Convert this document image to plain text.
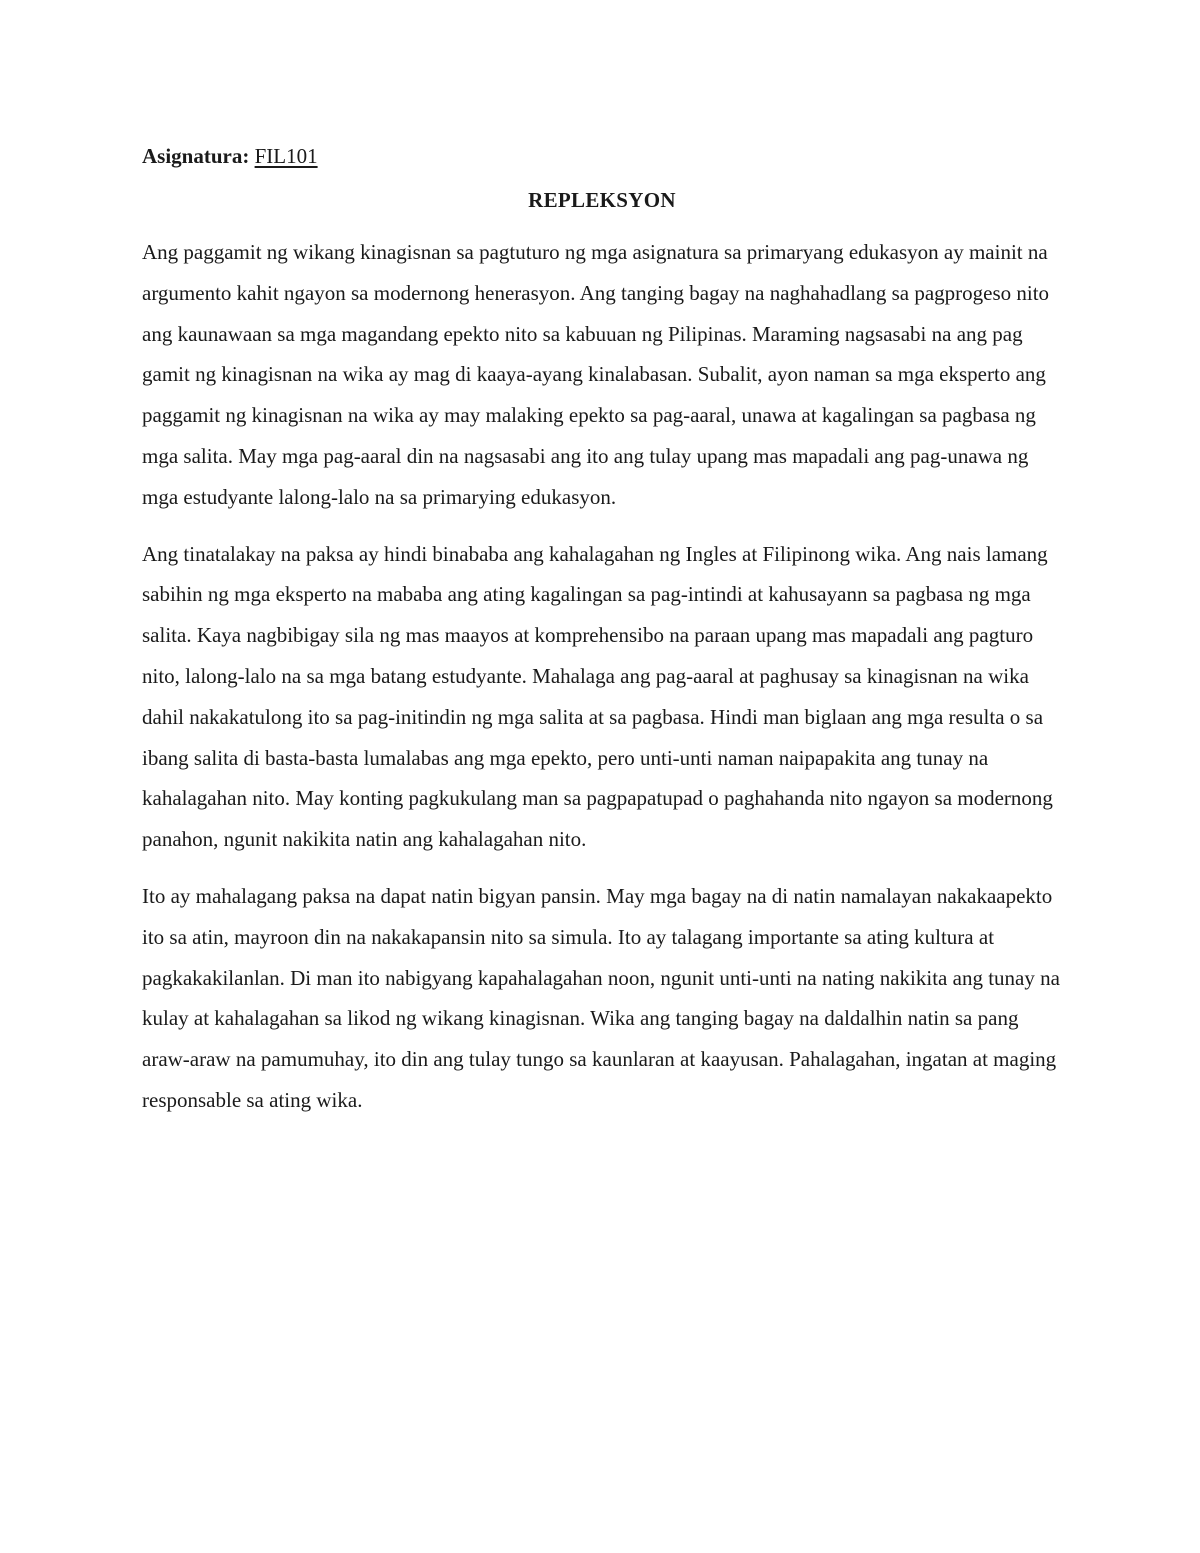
Asignatura: FIL101

REPLEKSYON

Ang paggamit ng wikang kinagisnan sa pagtuturo ng mga asignatura sa primaryang edukasyon ay mainit na argumento kahit ngayon sa modernong henerasyon. Ang tanging bagay na naghahadlang sa pagprogeso nito ang kaunawaan sa mga magandang epekto nito sa kabuuan ng Pilipinas. Maraming nagsasabi na ang pag gamit ng kinagisnan na wika ay mag di kaaya-ayang kinalabasan. Subalit, ayon naman sa mga eksperto ang paggamit ng kinagisnan na wika ay may malaking epekto sa pag-aaral, unawa at kagalingan sa pagbasa ng mga salita. May mga pag-aaral din na nagsasabi ang ito ang tulay upang mas mapadali ang pag-unawa ng mga estudyante lalong-lalo na sa primarying edukasyon.

Ang tinatalakay na paksa ay hindi binababa ang kahalagahan ng Ingles at Filipinong wika. Ang nais lamang sabihin ng mga eksperto na mababa ang ating kagalingan sa pag-intindi at kahusayann sa pagbasa ng mga salita. Kaya nagbibigay sila ng mas maayos at komprehensibo na paraan upang mas mapadali ang pagturo nito, lalong-lalo na sa mga batang estudyante. Mahalaga ang pag-aaral at paghusay sa kinagisnan na wika dahil nakakatulong ito sa pag-initindin ng mga salita at sa pagbasa. Hindi man biglaan ang mga resulta o sa ibang salita di basta-basta lumalabas ang mga epekto, pero unti-unti naman naipapakita ang tunay na kahalagahan nito. May konting pagkukulang man sa pagpapatupad o paghahanda nito ngayon sa modernong panahon, ngunit nakikita natin ang kahalagahan nito.

Ito ay mahalagang paksa na dapat natin bigyan pansin. May mga bagay na di natin namalayan nakakaapekto ito sa atin, mayroon din na nakakapansin nito sa simula. Ito ay talagang importante sa ating kultura at pagkakakilanlan. Di man ito nabigyang kapahalagahan noon, ngunit unti-unti na nating nakikita ang tunay na kulay at kahalagahan sa likod ng wikang kinagisnan. Wika ang tanging bagay na daldalhin natin sa pang araw-araw na pamumuhay, ito din ang tulay tungo sa kaunlaran at kaayusan. Pahalagahan, ingatan at maging responsable sa ating wika.
